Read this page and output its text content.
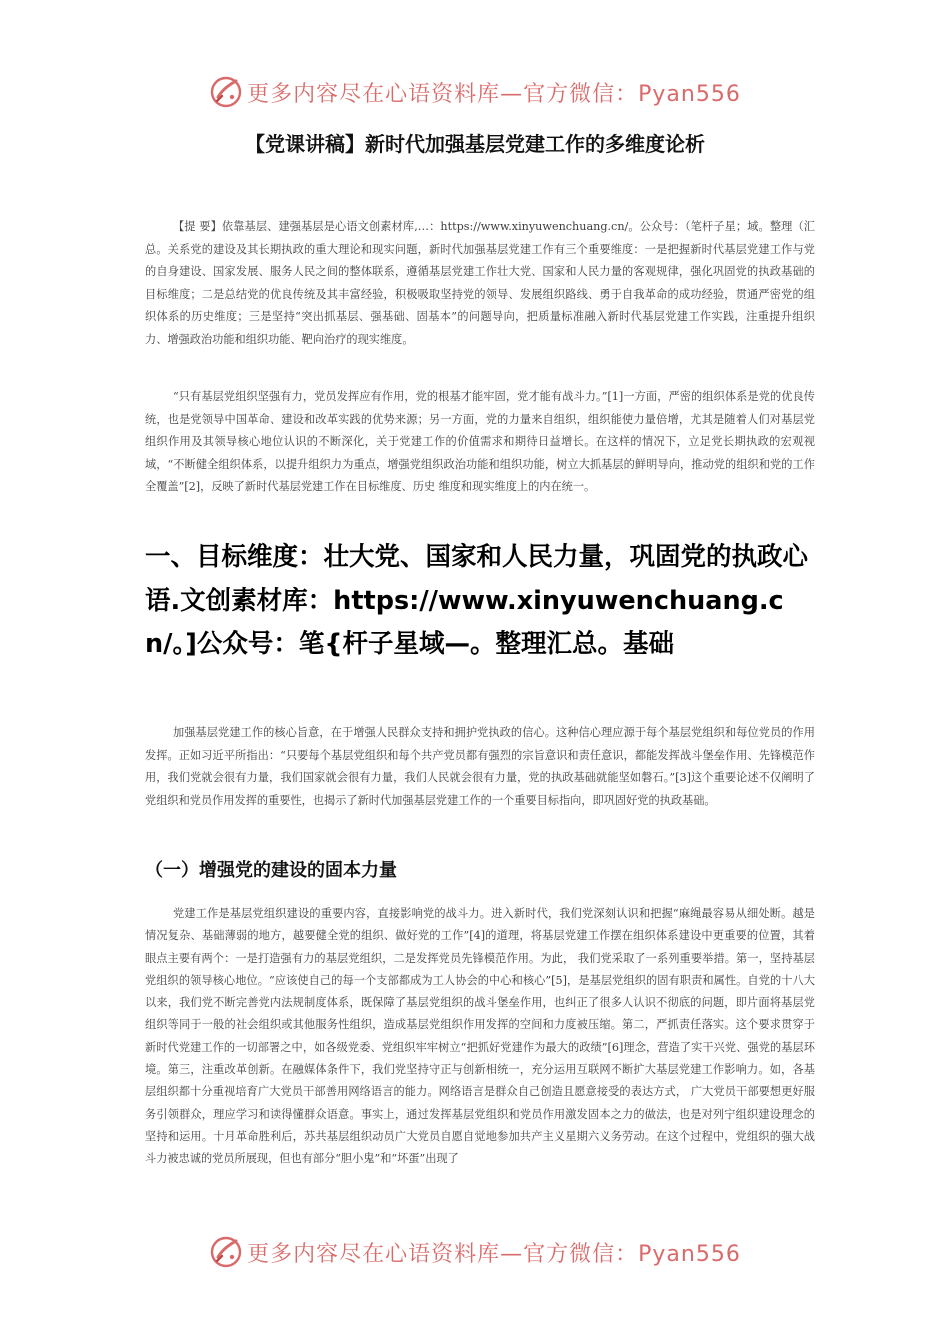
更多内容尽在心语资料库—官方微信：Pyan556
【党课讲稿】新时代加强基层党建工作的多维度论析

【提 要】依靠基层、建强基层是心语文创素材库,…：https://www.xinyuwenchuang.cn/。公众号：（笔杆子星；域。整理（汇总。关系党的建设及其长期执政的重大理论和现实问题，新时代加强基层党建工作有三个重要维度：一是把握新时代基层党建工作与党的自身建设、国家发展、服务人民之间的整体联系，遵循基层党建工作壮大党、国家和人民力量的客观规律，强化巩固党的执政基础的目标维度；二是总结党的优良传统及其丰富经验，积极吸取坚持党的领导、发展组织路线、勇于自我革命的成功经验，贯通严密党的组织体系的历史维度；三是坚持“突出抓基层、强基础、固基本”的问题导向，把质量标准融入新时代基层党建工作实践，注重提升组织力、增强政治功能和组织功能、靶向治疗的现实维度。

“只有基层党组织坚强有力，党员发挥应有作用，党的根基才能牢固，党才能有战斗力。”[1]一方面，严密的组织体系是党的优良传统，也是党领导中国革命、建设和改革实践的优势来源；另一方面，党的力量来自组织，组织能使力量倍增，尤其是随着人们对基层党组织作用及其领导核心地位认识的不断深化，关于党建工作的价值需求和期待日益增长。在这样的情况下，立足党长期执政的宏观视域，“不断健全组织体系，以提升组织力为重点，增强党组织政治功能和组织功能，树立大抓基层的鲜明导向，推动党的组织和党的工作全覆盖”[2]，反映了新时代基层党建工作在目标维度、历史 维度和现实维度上的内在统一。

一、目标维度：壮大党、国家和人民力量，巩固党的执政心语.文创素材库：https://www.xinyuwenchuang.cn/。]公众号：笔{杆子星域—。整理汇总。基础

加强基层党建工作的核心旨意，在于增强人民群众支持和拥护党执政的信心。这种信心理应源于每个基层党组织和每位党员的作用发挥。正如习近平所指出：“只要每个基层党组织和每个共产党员都有强烈的宗旨意识和责任意识，都能发挥战斗堡垒作用、先锋模范作用，我们党就会很有力量，我们国家就会很有力量，我们人民就会很有力量，党的执政基础就能坚如磐石。”[3]这个重要论述不仅阐明了党组织和党员作用发挥的重要性，也揭示了新时代加强基层党建工作的一个重要目标指向，即巩固好党的执政基础。

（一）增强党的建设的固本力量

党建工作是基层党组织建设的重要内容，直接影响党的战斗力。进入新时代，我们党深刻认识和把握“麻绳最容易从细处断。越是情况复杂、基础薄弱的地方，越要健全党的组织、做好党的工作”[4]的道理，将基层党建工作摆在组织体系建设中更重要的位置，其着眼点主要有两个：一是打造强有力的基层党组织，二是发挥党员先锋模范作用。为此， 我们党采取了一系列重要举措。第一，坚持基层党组织的领导核心地位。“应该使自己的每一个支部都成为工人协会的中心和核心”[5]，是基层党组织的固有职责和属性。自党的十八大以来，我们党不断完善党内法规制度体系，既保障了基层党组织的战斗堡垒作用，也纠正了很多人认识不彻底的问题，即片面将基层党组织等同于一般的社会组织或其他服务性组织，造成基层党组织作用发挥的空间和力度被压缩。第二，严抓责任落实。这个要求贯穿于新时代党建工作的一切部署之中，如各级党委、党组织牢牢树立“把抓好党建作为最大的政绩”[6]理念，营造了实干兴党、强党的基层环境。第三，注重改革创新。在融媒体条件下，我们党坚持守正与创新相统一，充分运用互联网不断扩大基层党建工作影响力。如，各基层组织都十分重视培育广大党员干部善用网络语言的能力。网络语言是群众自己创造且愿意接受的表达方式， 广大党员干部要想更好服务引领群众，理应学习和读得懂群众语意。事实上，通过发挥基层党组织和党员作用激发固本之力的做法，也是对列宁组织建设理念的坚持和运用。十月革命胜利后，苏共基层组织动员广大党员自愿自觉地参加共产主义星期六义务劳动。在这个过程中，党组织的强大战斗力被忠诚的党员所展现，但也有部分“胆小鬼”和“坏蛋”出现了

更多内容尽在心语资料库—官方微信：Pyan556
